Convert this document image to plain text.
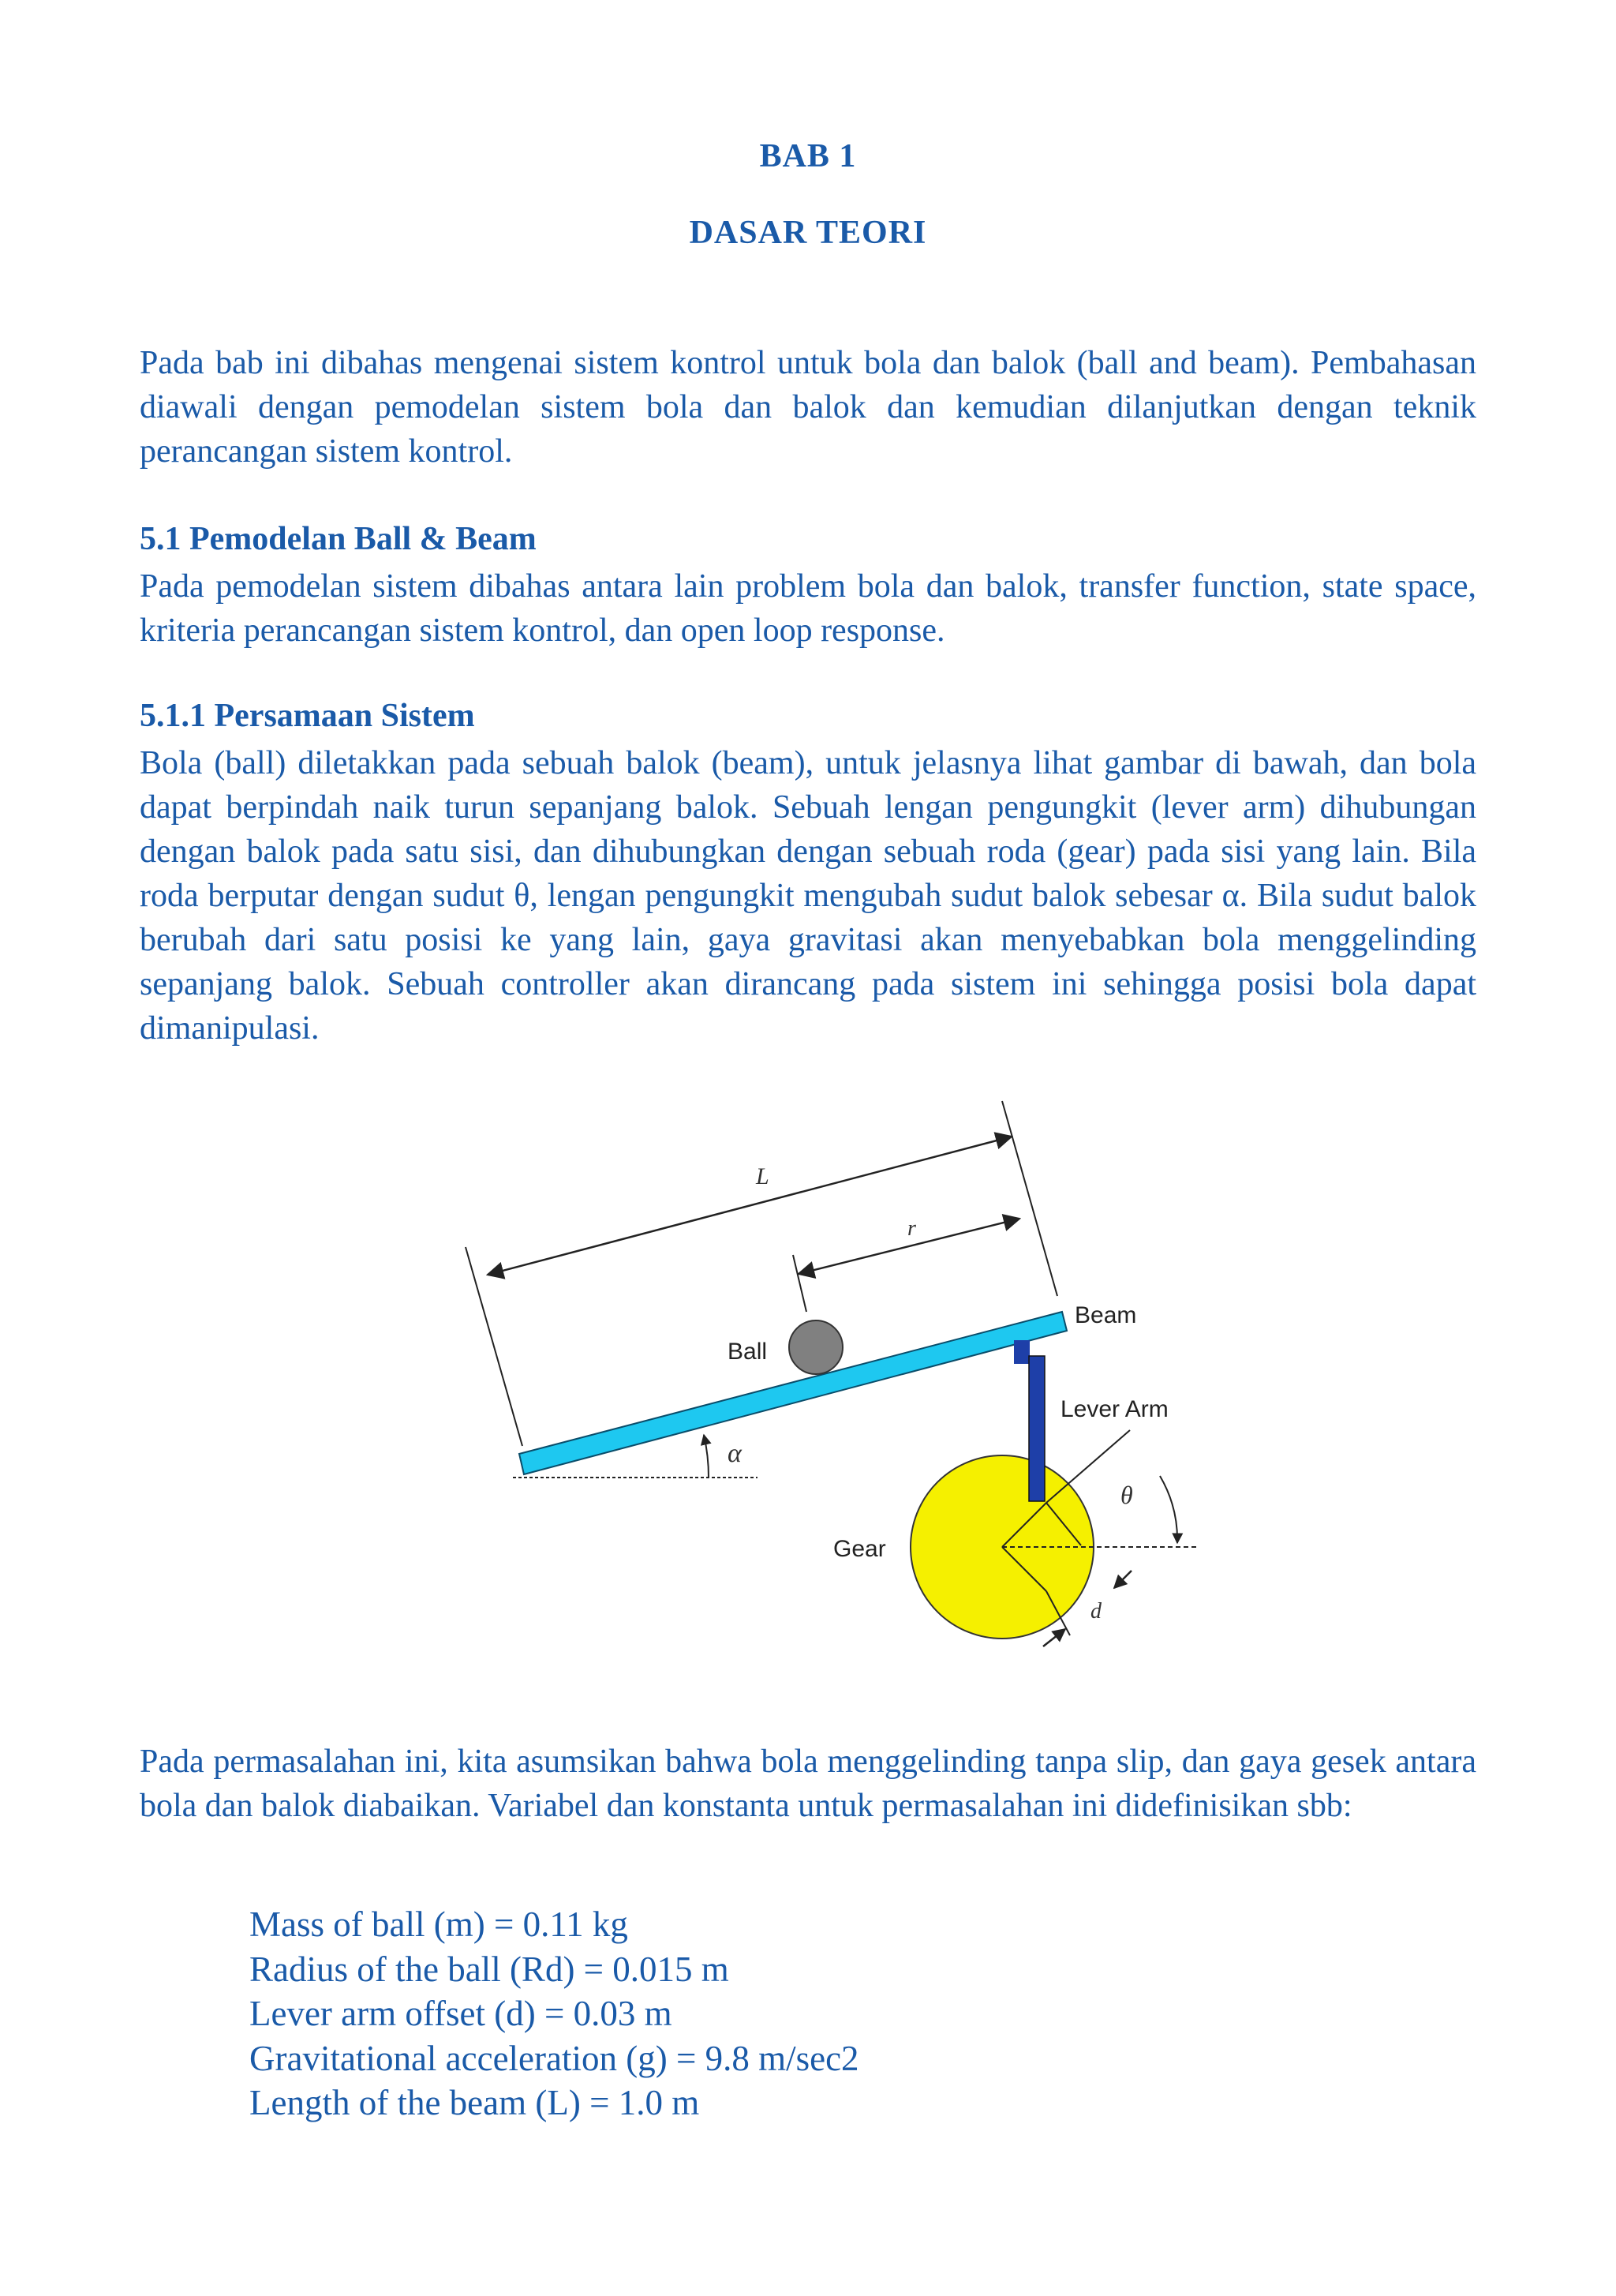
BAB 1
DASAR TEORI

Pada bab ini dibahas mengenai sistem kontrol untuk bola dan balok (ball and beam). Pembahasan diawali dengan pemodelan sistem bola dan balok dan kemudian dilanjutkan dengan teknik perancangan sistem kontrol.

5.1 Pemodelan Ball & Beam

Pada pemodelan sistem dibahas antara lain problem bola dan balok, transfer function, state space, kriteria perancangan sistem kontrol, dan open loop response.

5.1.1 Persamaan Sistem

Bola (ball) diletakkan pada sebuah balok (beam), untuk jelasnya lihat gambar di bawah, dan bola dapat berpindah naik turun sepanjang balok. Sebuah lengan pengungkit (lever arm) dihubungan dengan balok pada satu sisi, dan dihubungkan dengan sebuah roda (gear) pada sisi yang lain. Bila roda berputar dengan sudut θ, lengan pengungkit mengubah sudut balok sebesar α. Bila sudut balok berubah dari satu posisi ke yang lain, gaya gravitasi akan menyebabkan bola menggelinding sepanjang balok. Sebuah controller akan dirancang pada sistem ini sehingga posisi bola dapat dimanipulasi.

L
r
Beam
Ball
α
Gear
Lever Arm
θ
d

Pada permasalahan ini, kita asumsikan bahwa bola menggelinding tanpa slip, dan gaya gesek antara bola dan balok diabaikan. Variabel dan konstanta untuk permasalahan ini didefinisikan sbb:

Mass of ball (m) = 0.11 kg
Radius of the ball (Rd) = 0.015 m
Lever arm offset (d) = 0.03 m
Gravitational acceleration (g) = 9.8 m/sec2
Length of the beam (L) = 1.0 m
